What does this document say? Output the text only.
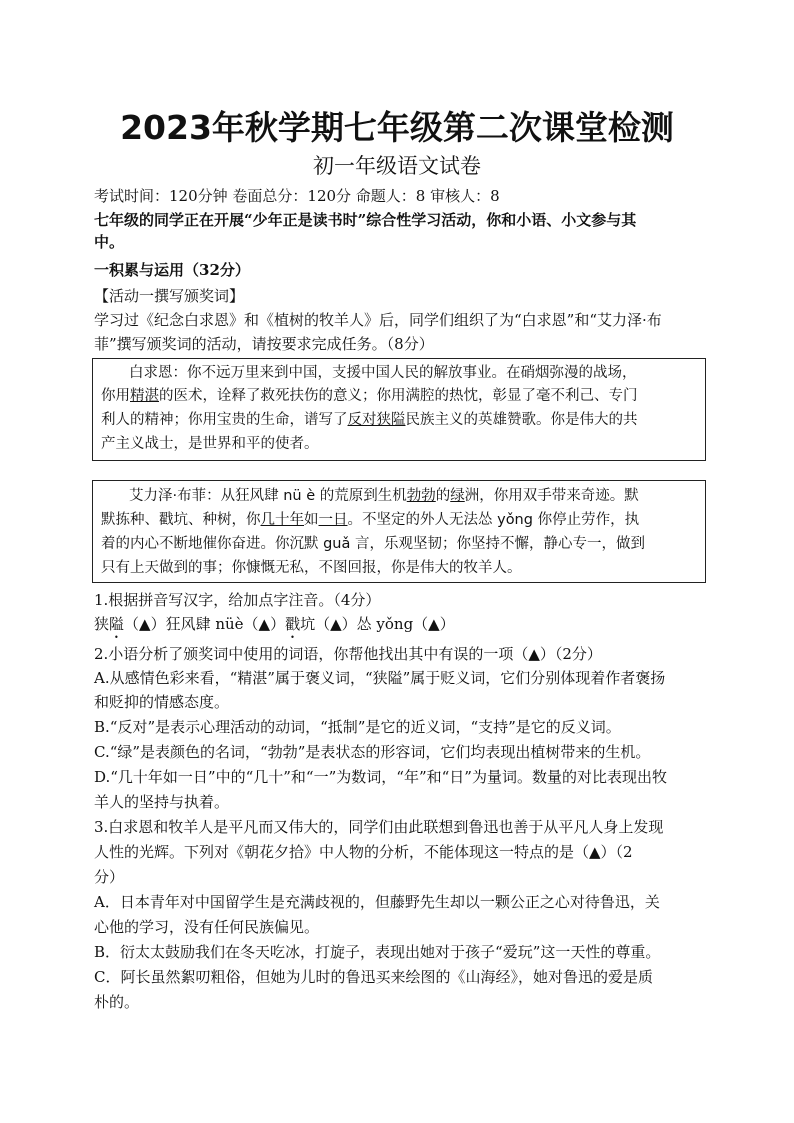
2023年秋学期七年级第二次课堂检测
初一年级语文试卷
考试时间：120分钟 卷面总分：120分 命题人：8 审核人：8
七年级的同学正在开展“少年正是读书时”综合性学习活动，你和小语、小文参与其
中。
一积累与运用（32分）
【活动一撰写颁奖词】
学习过《纪念白求恩》和《植树的牧羊人》后，同学们组织了为“白求恩”和“艾力泽·布
菲”撰写颁奖词的活动，请按要求完成任务。（8分）
白求恩：你不远万里来到中国，支援中国人民的解放事业。在硝烟弥漫的战场，
你用精湛的医术，诠释了救死扶伤的意义；你用满腔的热忱，彰显了毫不利己、专门
利人的精神；你用宝贵的生命，谱写了反对狭隘民族主义的英雄赞歌。你是伟大的共
产主义战士，是世界和平的使者。
艾力泽·布菲：从狂风肆 nü è 的荒原到生机勃勃的绿洲，你用双手带来奇迹。默
默拣种、戳坑、种树，你几十年如一日。不坚定的外人无法怂 yǒng 你停止劳作，执
着的内心不断地催你奋进。你沉默 guǎ 言，乐观坚韧；你坚持不懈，静心专一，做到
只有上天做到的事；你慷慨无私，不图回报，你是伟大的牧羊人。
1.根据拼音写汉字，给加点字注音。（4分）
狭隘（▲）狂风肆 nüè（▲）戳坑（▲）怂 yǒng（▲）
2.小语分析了颁奖词中使用的词语，你帮他找出其中有误的一项（▲）（2分）
A.从感情色彩来看，“精湛”属于褒义词，“狭隘”属于贬义词，它们分别体现着作者褒扬
和贬抑的情感态度。
B.“反对”是表示心理活动的动词，“抵制”是它的近义词，“支持”是它的反义词。
C.“绿”是表颜色的名词，“勃勃”是表状态的形容词，它们均表现出植树带来的生机。
D.“几十年如一日”中的“几十”和“一”为数词，“年”和“日”为量词。数量的对比表现出牧
羊人的坚持与执着。
3.白求恩和牧羊人是平凡而又伟大的，同学们由此联想到鲁迅也善于从平凡人身上发现
人性的光辉。下列对《朝花夕拾》中人物的分析，不能体现这一特点的是（▲）（2
分）
A．日本青年对中国留学生是充满歧视的，但藤野先生却以一颗公正之心对待鲁迅，关
心他的学习，没有任何民族偏见。
B．衍太太鼓励我们在冬天吃冰，打旋子，表现出她对于孩子“爱玩”这一天性的尊重。
C．阿长虽然絮叨粗俗，但她为儿时的鲁迅买来绘图的《山海经》，她对鲁迅的爱是质
朴的。
